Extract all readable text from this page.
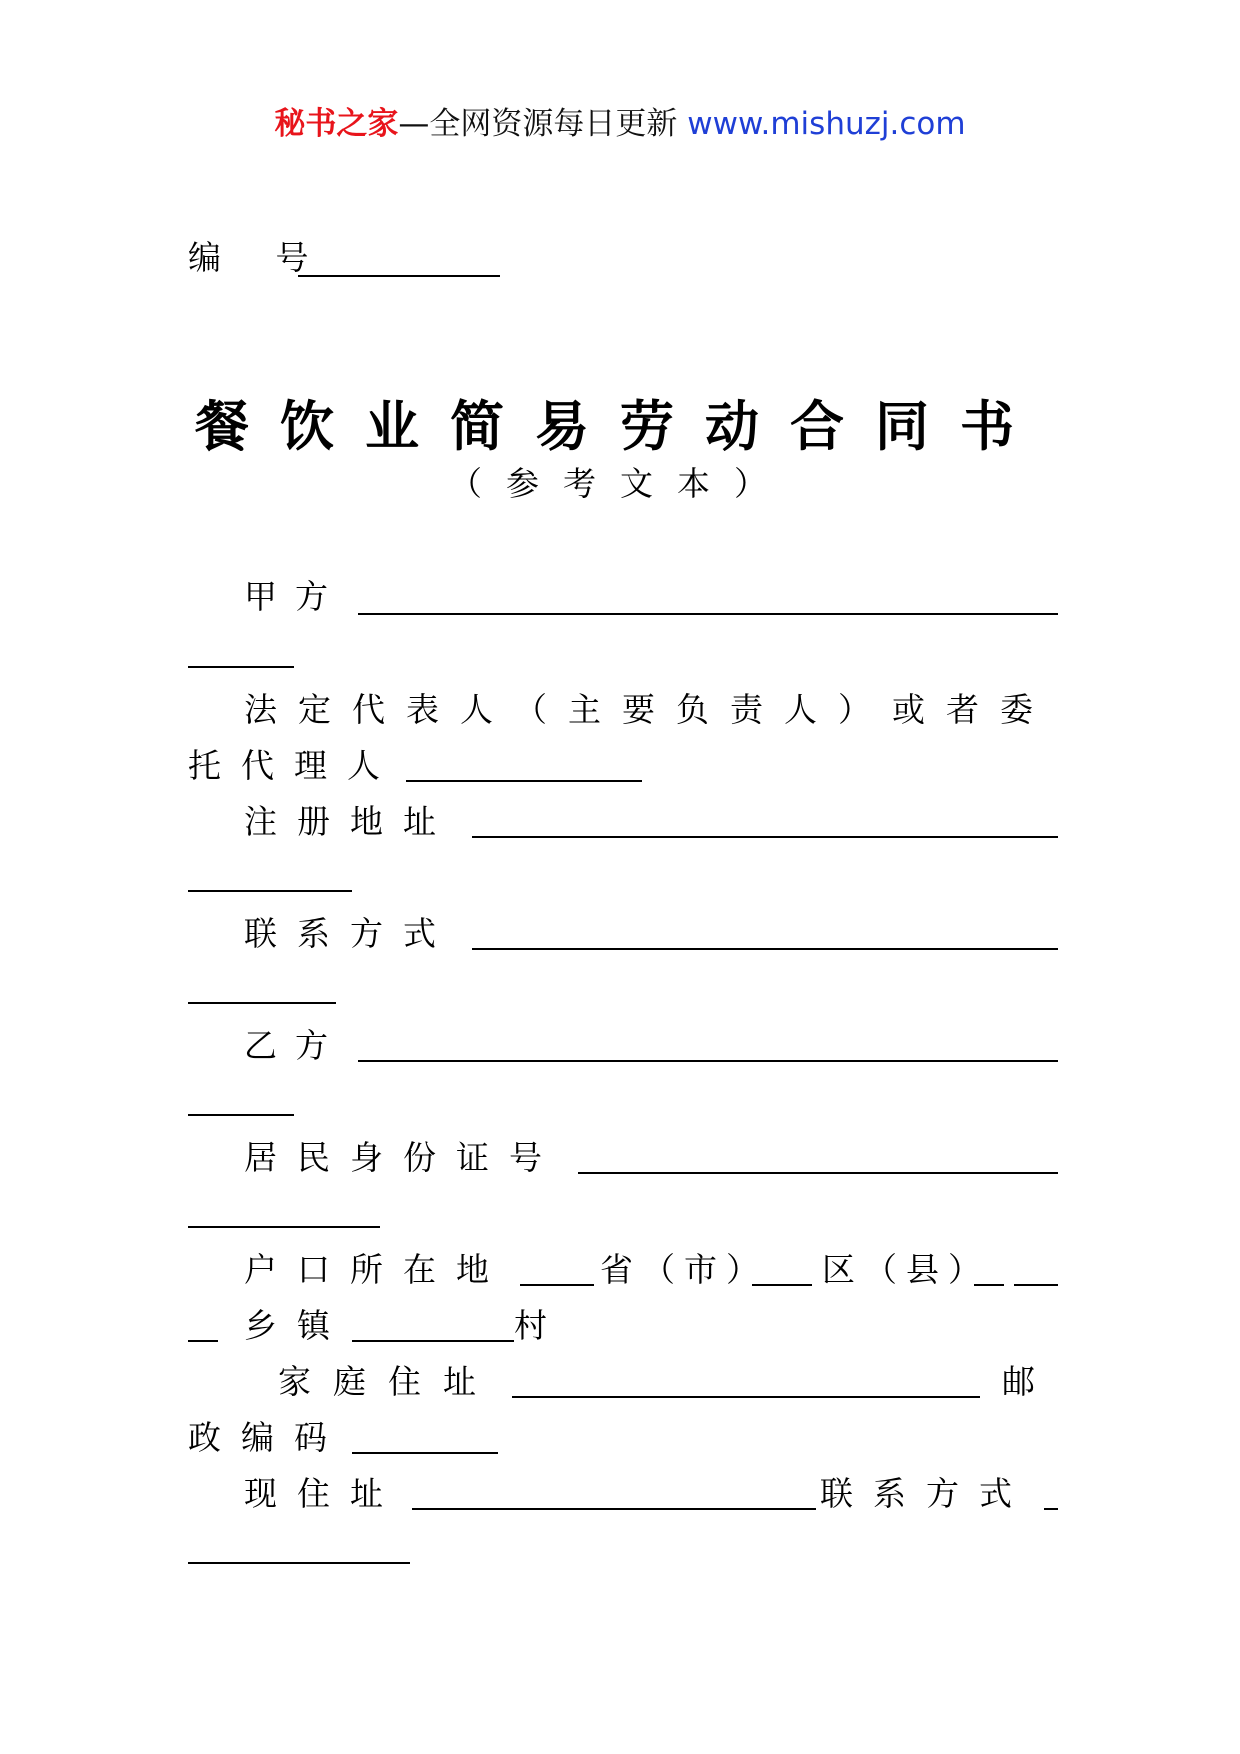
秘书之家—全网资源每日更新 www.mishuzj.com
编 号
餐饮业简易劳动合同书
（参考文本）
甲方
法定代表人（主要负责人）或者委
托代理人
注册地址
联系方式
乙方
居民身份证号
户口所在地	省（市） 区（县）
乡镇	村
家庭住址	邮
政编码
现住址	联系方式
